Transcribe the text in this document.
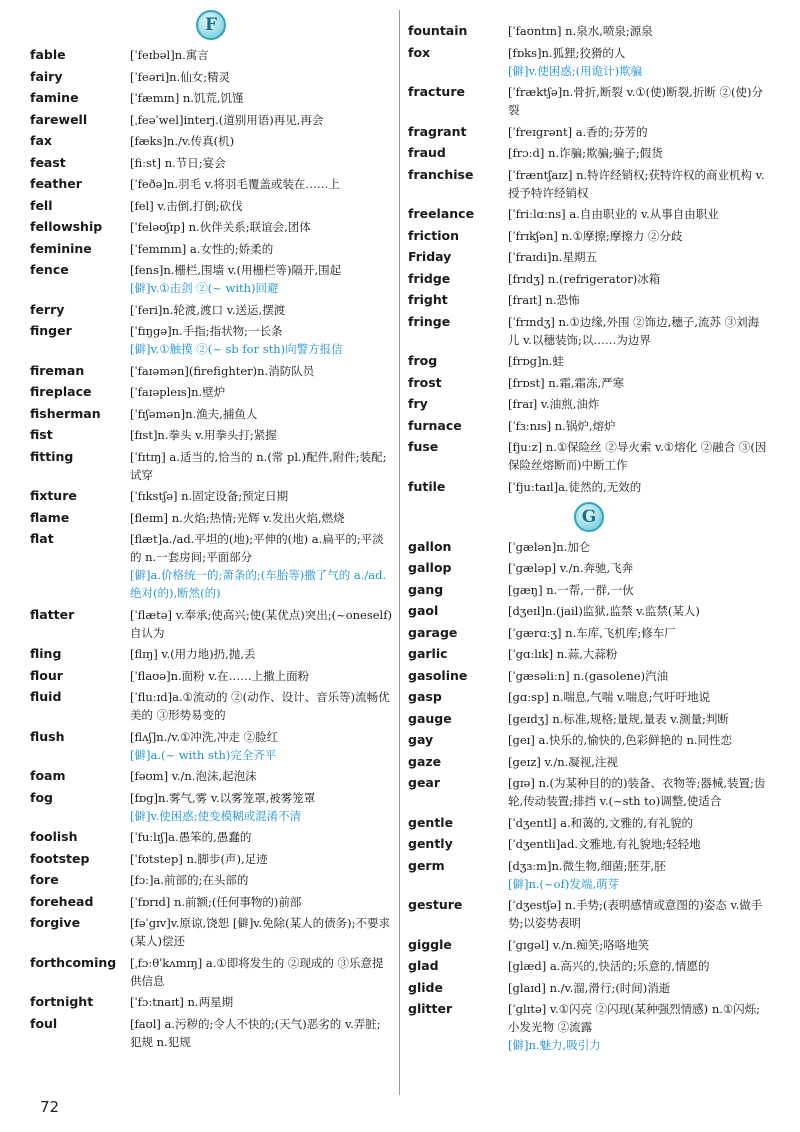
F
fable	[ˈfeɪbəl]n.寓言
fairy	[ˈfeəri]n.仙女;精灵
famine	[ˈfæmɪn] n.饥荒,饥馑
farewell	[ˌfeəˈwel]interj.(道别用语)再见,再会
fax	[fæks]n./v.传真(机)
feast	[fiːst] n.节日;宴会
feather	[ˈfeðə]n.羽毛 v.将羽毛覆盖或装在……上
fell	[fel] v.击倒,打倒;砍伐
fellowship	[ˈfeləʊʃɪp] n.伙伴关系;联谊会,团体
feminine	[ˈfemɪnɪn] a.女性的;娇柔的
fence	[fens]n.栅栏,围墙 v.(用栅栏等)隔开,围起
[僻]v.①击剑 ②(~ with)回避
ferry	[ˈferi]n.轮渡,渡口 v.送运,摆渡
finger	[ˈfɪŋgə]n.手指;指状物;一长条
[僻]v.①触摸 ②(~ sb for sth)向警方报信
fireman	[ˈfaɪəmən](firefighter)n.消防队员
fireplace	[ˈfaɪəpleɪs]n.壁炉
fisherman	[ˈfɪʃəmən]n.渔夫,捕鱼人
fist	[fɪst]n.拳头 v.用拳头打;紧握
fitting	[ˈfɪtɪŋ] a.适当的,恰当的 n.(常 pl.)配件,附件;装配;试穿
fixture	[ˈfɪkstʃə] n.固定设备;预定日期
flame	[fleɪm] n.火焰;热情;光辉 v.发出火焰,燃烧
flat	[flæt]a./ad.平坦的(地);平伸的(地) a.扁平的;平淡的 n.一套房间;平面部分
[僻]a.价格统一的;萧条的;(车胎等)撒了气的 a./ad.绝对(的),断然(的)
flatter	[ˈflætə] v.奉承;使高兴;使(某优点)突出;(~oneself)自认为
fling	[flɪŋ] v.(用力地)扔,抛,丢
flour	[ˈflaʊə]n.面粉 v.在……上撒上面粉
fluid	[ˈfluːɪd]a.①流动的 ②(动作、设计、音乐等)流畅优美的 ③形势易变的
flush	[flʌʃ]n./v.①冲洗,冲走 ②脸红
[僻]a.(~ with sth)完全齐平
foam	[fəʊm] v./n.泡沫,起泡沫
fog	[fɒg]n.雾气,雾 v.以雾笼罩,被雾笼罩
[僻]v.使困惑;使变模糊或混淆不清
foolish	[ˈfuːlɪʃ]a.愚笨的,愚蠢的
footstep	[ˈfʊtstep] n.脚步(声),足迹
fore	[fɔː]a.前部的;在头部的
forehead	[ˈfɒrɪd] n.前额;(任何事物的)前部
forgive	[fəˈgɪv]v.原谅,饶恕 [僻]v.免除(某人的债务);不要求(某人)偿还
forthcoming	[ˌfɔːθˈkʌmɪŋ] a.①即将发生的 ②现成的 ③乐意提供信息
fortnight	[ˈfɔːtnaɪt] n.两星期
foul	[faʊl] a.污秽的;令人不快的;(天气)恶劣的 v.弄脏;犯规 n.犯规
fountain	[ˈfaʊntɪn] n.泉水,喷泉;源泉
fox	[fɒks]n.狐狸;狡猾的人
[僻]v.使困惑;(用诡计)欺骗
fracture	[ˈfræktʃə]n.骨折,断裂 v.①(使)断裂,折断 ②(使)分裂
fragrant	[ˈfreɪgrənt] a.香的;芬芳的
fraud	[frɔːd] n.诈骗;欺骗;骗子;假货
franchise	[ˈfræntʃaɪz] n.特许经销权;获特许权的商业机构 v.授予特许经销权
freelance	[ˈfriːlɑːns] a.自由职业的 v.从事自由职业
friction	[ˈfrɪkʃən] n.①摩擦;摩擦力 ②分歧
Friday	[ˈfraɪdi]n.星期五
fridge	[frɪdʒ] n.(refrigerator)冰箱
fright	[fraɪt] n.恐怖
fringe	[ˈfrɪndʒ] n.①边缘,外围 ②饰边,穗子,流苏 ③刘海儿 v.以穗装饰;以……为边界
frog	[frɒg]n.蛙
frost	[frɒst] n.霜,霜冻,严寒
fry	[fraɪ] v.油煎,油炸
furnace	[ˈfɜːnɪs] n.锅炉,熔炉
fuse	[fjuːz] n.①保险丝 ②导火索 v.①熔化 ②融合 ③(因保险丝熔断而)中断工作
futile	[ˈfjuːtaɪl]a.徒然的,无效的
G
gallon	[ˈgælən]n.加仑
gallop	[ˈgæləp] v./n.奔驰,飞奔
gang	[gæŋ] n.一帮,一群,一伙
gaol	[dʒeɪl]n.(jail)监狱,监禁 v.监禁(某人)
garage	[ˈgærɑːʒ] n.车库,飞机库;修车厂
garlic	[ˈgɑːlɪk] n.蒜,大蒜粉
gasoline	[ˈgæsəliːn] n.(gasolene)汽油
gasp	[gɑːsp] n.喘息,气喘 v.喘息;气吁吁地说
gauge	[geɪdʒ] n.标准,规格;量规,量表 v.测量;判断
gay	[geɪ] a.快乐的,愉快的,色彩鲜艳的 n.同性恋
gaze	[geɪz] v./n.凝视,注视
gear	[gɪə] n.(为某种目的的)装备、衣物等;器械,装置;齿轮,传动装置;排挡 v.(~sth to)调整,使适合
gentle	[ˈdʒentl] a.和蔼的,文雅的,有礼貌的
gently	[ˈdʒentli]ad.文雅地,有礼貌地;轻轻地
germ	[dʒɜːm]n.微生物,细菌;胚芽,胚
[僻]n.(~of)发端,萌芽
gesture	[ˈdʒestʃə] n.手势;(表明感情或意图的)姿态 v.做手势;以姿势表明
giggle	[ˈgɪgəl] v./n.痴笑;咯咯地笑
glad	[glæd] a.高兴的,快活的;乐意的,情愿的
glide	[glaɪd] n./v.溜,滑行;(时间)消逝
glitter	[ˈglɪtə] v.①闪亮 ②闪现(某种强烈情感) n.①闪烁;小发光物 ②流露
[僻]n.魅力,吸引力
72
